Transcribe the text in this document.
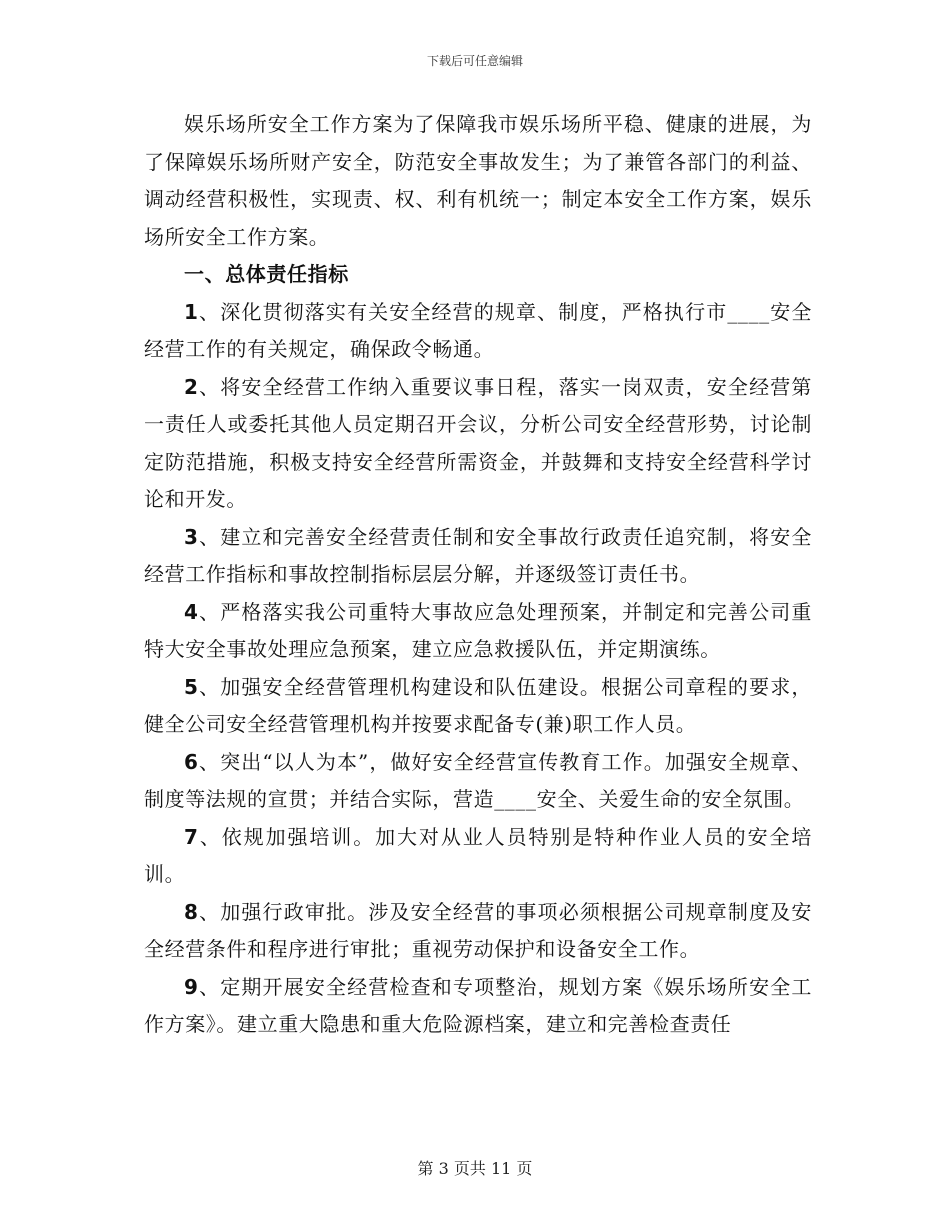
下载后可任意编辑

娱乐场所安全工作方案为了保障我市娱乐场所平稳、健康的进展，为了保障娱乐场所财产安全，防范安全事故发生；为了兼管各部门的利益、调动经营积极性，实现责、权、利有机统一；制定本安全工作方案，娱乐场所安全工作方案。

一、总体责任指标

1、深化贯彻落实有关安全经营的规章、制度，严格执行市____安全经营工作的有关规定，确保政令畅通。

2、将安全经营工作纳入重要议事日程，落实一岗双责，安全经营第一责任人或委托其他人员定期召开会议，分析公司安全经营形势，讨论制定防范措施，积极支持安全经营所需资金，并鼓舞和支持安全经营科学讨论和开发。

3、建立和完善安全经营责任制和安全事故行政责任追究制，将安全经营工作指标和事故控制指标层层分解，并逐级签订责任书。

4、严格落实我公司重特大事故应急处理预案，并制定和完善公司重特大安全事故处理应急预案，建立应急救援队伍，并定期演练。

5、加强安全经营管理机构建设和队伍建设。根据公司章程的要求，健全公司安全经营管理机构并按要求配备专(兼)职工作人员。

6、突出“以人为本”，做好安全经营宣传教育工作。加强安全规章、制度等法规的宣贯；并结合实际，营造____安全、关爱生命的安全氛围。

7、依规加强培训。加大对从业人员特别是特种作业人员的安全培训。

8、加强行政审批。涉及安全经营的事项必须根据公司规章制度及安全经营条件和程序进行审批；重视劳动保护和设备安全工作。

9、定期开展安全经营检查和专项整治，规划方案《娱乐场所安全工作方案》。建立重大隐患和重大危险源档案，建立和完善检查责任

第 3 页共 11 页
